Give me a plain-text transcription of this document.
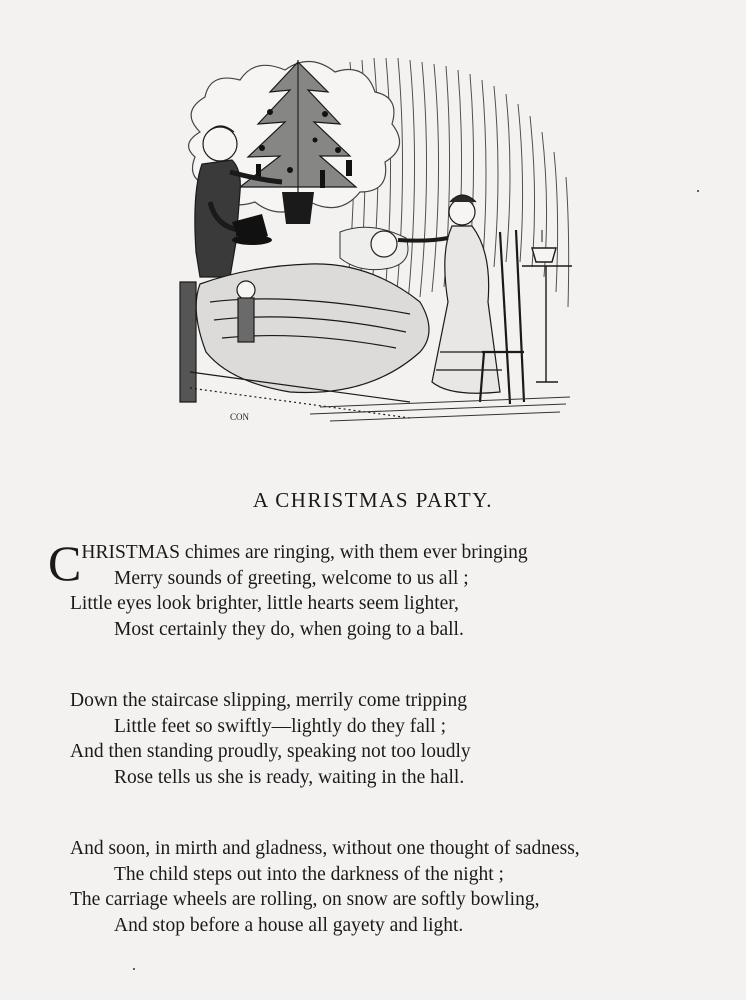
CON
A CHRISTMAS PARTY.
CHRISTMAS chimes are ringing, with them ever bringing
Merry sounds of greeting, welcome to us all ;
Little eyes look brighter, little hearts seem lighter,
Most certainly they do, when going to a ball.
Down the staircase slipping, merrily come tripping
Little feet so swiftly—lightly do they fall ;
And then standing proudly, speaking not too loudly
Rose tells us she is ready, waiting in the hall.
And soon, in mirth and gladness, without one thought of sadness,
The child steps out into the darkness of the night ;
The carriage wheels are rolling, on snow are softly bowling,
And stop before a house all gayety and light.
